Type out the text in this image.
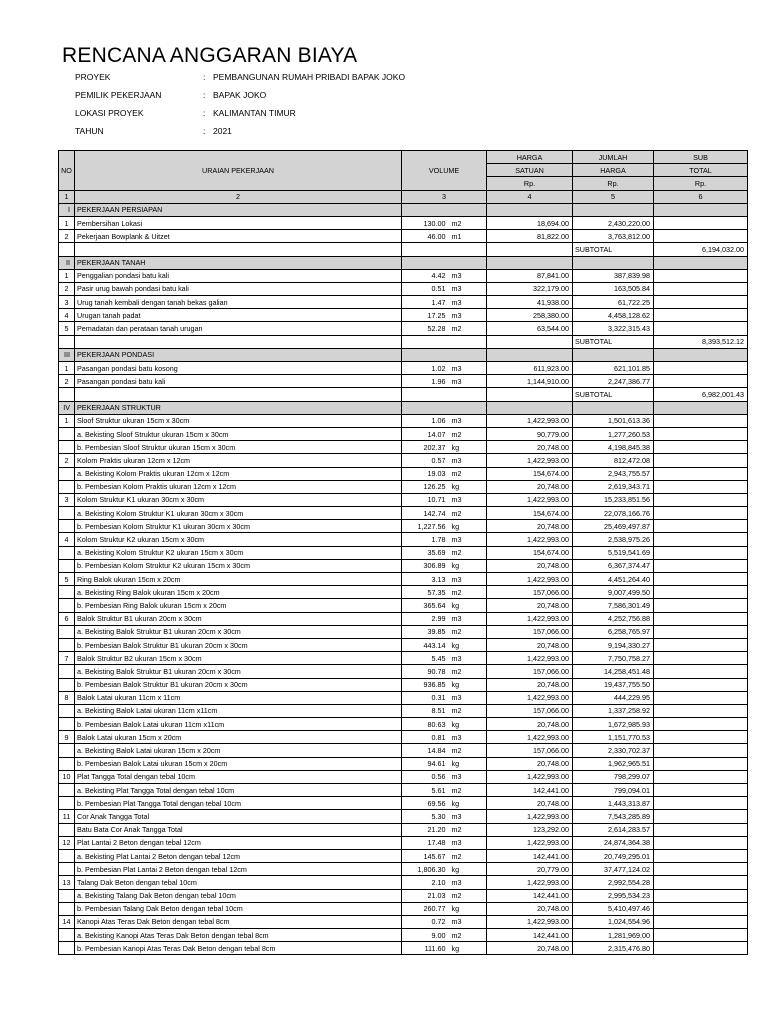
RENCANA ANGGARAN BIAYA
PROYEK	: PEMBANGUNAN RUMAH PRIBADI BAPAK JOKO
PEMILIK PEKERJAAN	: BAPAK JOKO
LOKASI PROYEK	: KALIMANTAN TIMUR
TAHUN	: 2021
NO	URAIAN PEKERJAAN	VOLUME		HARGA	JUMLAH	SUB
				SATUAN	HARGA	TOTAL
				Rp.	Rp.	Rp.
1	2	3		4	5	6
I	PEKERJAAN PERSIAPAN					
1	Pembersihan Lokasi	130.00	m2	18,694.00	2,430,220.00	
2	Pekerjaan Bowplank & Uitzet	46.00	m1	81,822.00	3,763,812.00	
					SUBTOTAL	6,194,032.00
II	PEKERJAAN TANAH					
1	Penggalian pondasi batu kali	4.42	m3	87,841.00	387,839.98	
2	Pasir urug bawah pondasi batu kali	0.51	m3	322,179.00	163,505.84	
3	Urug tanah kembali dengan tanah bekas galian	1.47	m3	41,938.00	61,722.25	
4	Urugan tanah padat	17.25	m3	258,380.00	4,458,128.62	
5	Pemadatan dan perataan tanah urugan	52.28	m2	63,544.00	3,322,315.43	
					SUBTOTAL	8,393,512.12
III	PEKERJAAN PONDASI					
1	Pasangan pondasi batu kosong	1.02	m3	611,923.00	621,101.85	
2	Pasangan pondasi batu kali	1.96	m3	1,144,910.00	2,247,386.77	
					SUBTOTAL	6,982,001.43
IV	PEKERJAAN STRUKTUR					
1	Sloof Struktur ukuran 15cm x 30cm	1.06	m3	1,422,993.00	1,501,613.36	
	a. Bekisting Sloof Struktur ukuran 15cm x 30cm	14.07	m2	90,779.00	1,277,260.53	
	b. Pembesian Sloof Struktur ukuran 15cm x 30cm	202.37	kg	20,748.00	4,198,845.38	
2	Kolom Praktis ukuran 12cm x 12cm	0.57	m3	1,422,993.00	812,472.08	
	a. Bekisting Kolom Praktis ukuran 12cm x 12cm	19.03	m2	154,674.00	2,943,755.57	
	b. Pembesian Kolom Praktis ukuran 12cm x 12cm	126.25	kg	20,748.00	2,619,343.71	
3	Kolom Struktur K1 ukuran 30cm x 30cm	10.71	m3	1,422,993.00	15,233,851.56	
	a. Bekisting Kolom Struktur K1 ukuran 30cm x 30cm	142.74	m2	154,674.00	22,078,166.76	
	b. Pembesian Kolom Struktur K1 ukuran 30cm x 30cm	1,227.56	kg	20,748.00	25,469,497.87	
4	Kolom Struktur K2 ukuran 15cm x 30cm	1.78	m3	1,422,993.00	2,538,975.26	
	a. Bekisting Kolom Struktur K2 ukuran 15cm x 30cm	35.69	m2	154,674.00	5,519,541.69	
	b. Pembesian Kolom Struktur K2 ukuran 15cm x 30cm	306.89	kg	20,748.00	6,367,374.47	
5	Ring Balok ukuran 15cm x 20cm	3.13	m3	1,422,993.00	4,451,264.40	
	a. Bekisting Ring Balok ukuran 15cm x 20cm	57.35	m2	157,066.00	9,007,499.50	
	b. Pembesian Ring Balok ukuran 15cm x 20cm	365.64	kg	20,748.00	7,586,301.49	
6	Balok Struktur B1 ukuran 20cm x 30cm	2.99	m3	1,422,993.00	4,252,756.88	
	a. Bekisting Balok Struktur B1 ukuran 20cm x 30cm	39.85	m2	157,066.00	6,258,765.97	
	b. Pembesian Balok Struktur B1 ukuran 20cm x 30cm	443.14	kg	20,748.00	9,194,330.27	
7	Balok Struktur B2 ukuran 15cm x 30cm	5.45	m3	1,422,993.00	7,750,758.27	
	a. Bekisting Balok Struktur B1 ukuran 20cm x 30cm	90.78	m2	157,066.00	14,258,451.48	
	b. Pembesian Balok Struktur B1 ukuran 20cm x 30cm	936.85	kg	20,748.00	19,437,755.50	
8	Balok Latai ukuran 11cm x 11cm	0.31	m3	1,422,993.00	444,229.95	
	a. Bekisting Balok Latai ukuran 11cm x11cm	8.51	m2	157,066.00	1,337,258.92	
	b. Pembesian Balok Latai ukuran 11cm x11cm	80.63	kg	20,748.00	1,672,985.93	
9	Balok Latai ukuran 15cm x 20cm	0.81	m3	1,422,993.00	1,151,770.53	
	a. Bekisting Balok Latai ukuran 15cm x 20cm	14.84	m2	157,066.00	2,330,702.37	
	b. Pembesian Balok Latai ukuran 15cm x 20cm	94.61	kg	20,748.00	1,962,965.51	
10	Plat Tangga Total dengan tebal 10cm	0.56	m3	1,422,993.00	798,299.07	
	a. Bekisting Plat Tangga Total dengan tebal 10cm	5.61	m2	142,441.00	799,094.01	
	b. Pembesian Plat Tangga Total dengan tebal 10cm	69.56	kg	20,748.00	1,443,313.87	
11	Cor Anak Tangga Total	5.30	m3	1,422,993.00	7,543,285.89	
	Batu Bata Cor Anak Tangga Total	21.20	m2	123,292.00	2,614,283.57	
12	Plat Lantai 2 Beton dengan tebal 12cm	17.48	m3	1,422,993.00	24,874,364.38	
	a. Bekisting Plat Lantai 2 Beton dengan tebal 12cm	145.67	m2	142,441.00	20,749,295.01	
	b. Pembesian Plat Lantai 2 Beton dengan tebal 12cm	1,806.30	kg	20,779.00	37,477,124.02	
13	Talang Dak Beton dengan tebal 10cm	2.10	m3	1,422,993.00	2,992,554.28	
	a. Bekisting Talang Dak Beton dengan tebal 10cm	21.03	m2	142,441.00	2,995,534.23	
	b. Pembesian Talang Dak Beton dengan tebal 10cm	260.77	kg	20,748.00	5,410,497.46	
14	Kanopi Atas Teras Dak Beton dengan tebal 8cm	0.72	m3	1,422,993.00	1,024,554.96	
	a. Bekisting Kanopi Atas Teras Dak Beton dengan tebal 8cm	9.00	m2	142,441.00	1,281,969.00	
	b. Pembesian Kanopi Atas Teras Dak Beton dengan tebal 8cm	111.60	kg	20,748.00	2,315,476.80	
